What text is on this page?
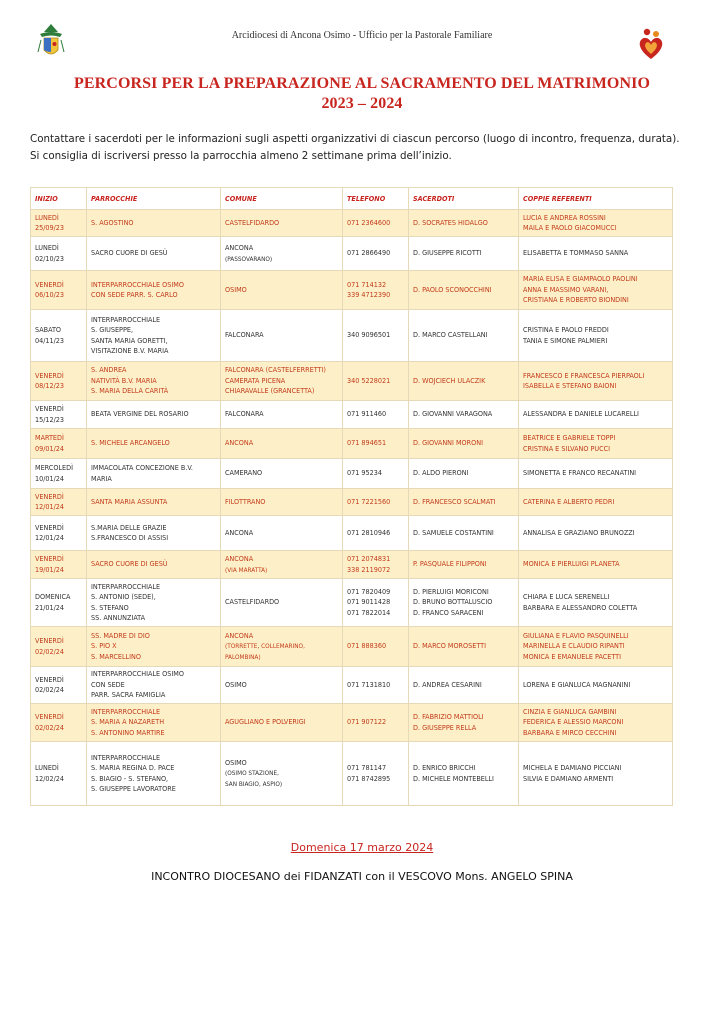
Arcidiocesi di Ancona Osimo - Ufficio per la Pastorale Familiare
PERCORSI PER LA PREPARAZIONE AL SACRAMENTO DEL MATRIMONIO
2023 – 2024
Contattare i sacerdoti per le informazioni sugli aspetti organizzativi di ciascun percorso (luogo di incontro, frequenza, durata).
Si consiglia di iscriversi presso la parrocchia almeno 2 settimane prima dell’inizio.
INIZIO	PARROCCHIE	COMUNE	TELEFONO	SACERDOTI	COPPIE REFERENTI

LUNEDÌ
25/09/23	S. AGOSTINO	CASTELFIDARDO	071 2364600	D. SOCRATES HIDALGO	LUCIA E ANDREA ROSSINI
MAILA E PAOLO GIACOMUCCI

LUNEDÌ
02/10/23	SACRO CUORE DI GESÙ	ANCONA
(PASSOVARANO)	071 2866490	D. GIUSEPPE RICOTTI	ELISABETTA E TOMMASO SANNA

VENERDÌ
06/10/23	INTERPARROCCHIALE OSIMO
CON SEDE PARR. S. CARLO	OSIMO	071 714132
339 4712390	D. PAOLO SCONOCCHINI	MARIA ELISA E GIAMPAOLO PAOLINI
ANNA E MASSIMO VARANI,
CRISTIANA E ROBERTO BIONDINI

SABATO
04/11/23	INTERPARROCCHIALE
S. GIUSEPPE,
SANTA MARIA GORETTI,
VISITAZIONE B.V. MARIA	FALCONARA	340 9096501	D. MARCO CASTELLANI	CRISTINA E PAOLO FREDDI
TANIA E SIMONE PALMIERI

VENERDÌ
08/12/23	S. ANDREA
NATIVITÀ B.V. MARIA
S. MARIA DELLA CARITÀ	FALCONARA (CASTELFERRETTI)
CAMERATA PICENA
CHIARAVALLE (GRANCETTA)	340 5228021	D. WOJCIECH ULACZIK	FRANCESCO E FRANCESCA PIERPAOLI
ISABELLA E STEFANO BAIONI

VENERDÌ
15/12/23	BEATA VERGINE DEL ROSARIO	FALCONARA	071 911460	D. GIOVANNI VARAGONA	ALESSANDRA E DANIELE LUCARELLI

MARTEDÌ
09/01/24	S. MICHELE ARCANGELO	ANCONA	071 894651	D. GIOVANNI MORONI	BEATRICE E GABRIELE TOPPI
CRISTINA E SILVANO PUCCI

MERCOLEDÌ
10/01/24	IMMACOLATA CONCEZIONE B.V.
MARIA	CAMERANO	071 95234	D. ALDO PIERONI	SIMONETTA E FRANCO RECANATINI

VENERDÌ
12/01/24	SANTA MARIA ASSUNTA	FILOTTRANO	071 7221560	D. FRANCESCO SCALMATI	CATERINA E ALBERTO PEDRI

VENERDÌ
12/01/24	S.MARIA DELLE GRAZIE
S.FRANCESCO DI ASSISI	ANCONA	071 2810946	D. SAMUELE COSTANTINI	ANNALISA E GRAZIANO BRUNOZZI

VENERDÌ
19/01/24	SACRO CUORE DI GESÙ	ANCONA
(VIA MARATTA)	071 2074831
338 2119072	P. PASQUALE FILIPPONI	MONICA E PIERLUIGI PLANETA

DOMENICA
21/01/24	INTERPARROCCHIALE
S. ANTONIO (SEDE),
S. STEFANO
SS. ANNUNZIATA	CASTELFIDARDO	071 7820409
071 9011428
071 7822014	D. PIERLUIGI MORICONI
D. BRUNO BOTTALUSCIO
D. FRANCO SARACENI	CHIARA E LUCA SERENELLI
BARBARA E ALESSANDRO COLETTA

VENERDÌ
02/02/24	SS. MADRE DI DIO
S. PIO X
S. MARCELLINO	ANCONA
(TORRETTE, COLLEMARINO,
PALOMBINA)	071 888360	D. MARCO MOROSETTI	GIULIANA E FLAVIO PASQUINELLI
MARINELLA E CLAUDIO RIPANTI
MONICA E EMANUELE PACETTI

VENERDÌ
02/02/24	INTERPARROCCHIALE OSIMO
CON SEDE
PARR. SACRA FAMIGLIA	OSIMO	071 7131810	D. ANDREA CESARINI	LORENA E GIANLUCA MAGNANINI

VENERDÌ
02/02/24	INTERPARROCCHIALE
S. MARIA A NAZARETH
S. ANTONINO MARTIRE	AGUGLIANO E POLVERIGI	071 907122	D. FABRIZIO MATTIOLI
D. GIUSEPPE RELLA	CINZIA E GIANLUCA GAMBINI
FEDERICA E ALESSIO MARCONI
BARBARA E MIRCO CECCHINI

LUNEDÌ
12/02/24	INTERPARROCCHIALE
S. MARIA REGINA D. PACE
S. BIAGIO - S. STEFANO,
S. GIUSEPPE LAVORATORE	OSIMO
(OSIMO STAZIONE,
SAN BIAGIO, ASPIO)	071 781147
071 8742895	D. ENRICO BRICCHI
D. MICHELE MONTEBELLI	MICHELA E DAMIANO PICCIANI
SILVIA E DAMIANO ARMENTI
Domenica 17 marzo 2024
INCONTRO DIOCESANO dei FIDANZATI con il VESCOVO Mons. ANGELO SPINA
